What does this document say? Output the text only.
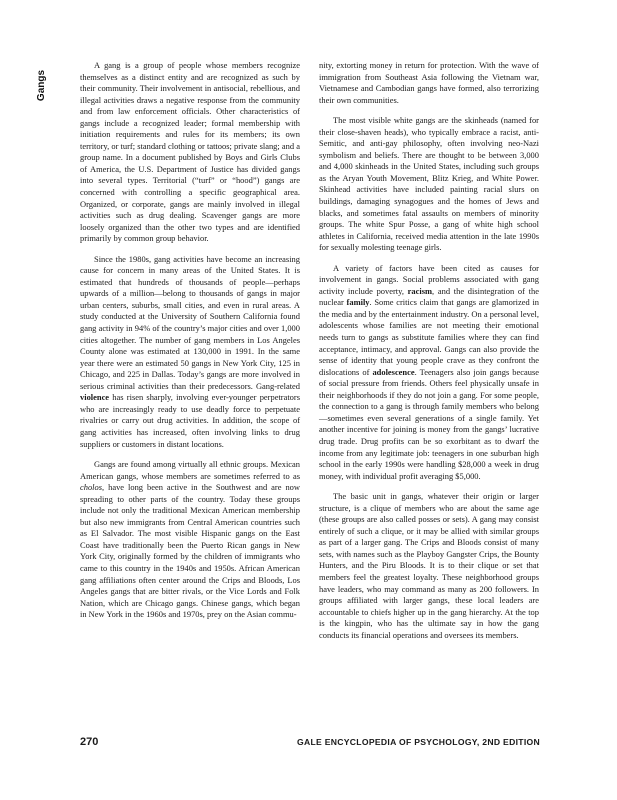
Gangs

A gang is a group of people whose members recognize themselves as a distinct entity and are recognized as such by their community. Their involvement in antisocial, rebellious, and illegal activities draws a negative response from the community and from law enforcement officials. Other characteristics of gangs include a recognized leader; formal membership with initiation requirements and rules for its members; its own territory, or turf; standard clothing or tattoos; private slang; and a group name. In a document published by Boys and Girls Clubs of America, the U.S. Department of Justice has divided gangs into several types. Territorial (“turf” or “hood”) gangs are concerned with controlling a specific geographical area. Organized, or corporate, gangs are mainly involved in illegal activities such as drug dealing. Scavenger gangs are more loosely organized than the other two types and are identified primarily by common group behavior.

Since the 1980s, gang activities have become an increasing cause for concern in many areas of the United States. It is estimated that hundreds of thousands of people—perhaps upwards of a million—belong to thousands of gangs in major urban centers, suburbs, small cities, and even in rural areas. A study conducted at the University of Southern California found gang activity in 94% of the country’s major cities and over 1,000 cities altogether. The number of gang members in Los Angeles County alone was estimated at 130,000 in 1991. In the same year there were an estimated 50 gangs in New York City, 125 in Chicago, and 225 in Dallas. Today’s gangs are more involved in serious criminal activities than their predecessors. Gang-related violence has risen sharply, involving ever-younger perpetrators who are increasingly ready to use deadly force to perpetuate rivalries or carry out drug activities. In addition, the scope of gang activities has increased, often involving links to drug suppliers or customers in distant locations.

Gangs are found among virtually all ethnic groups. Mexican American gangs, whose members are sometimes referred to as cholos, have long been active in the Southwest and are now spreading to other parts of the country. Today these groups include not only the traditional Mexican American membership but also new immigrants from Central American countries such as El Salvador. The most visible Hispanic gangs on the East Coast have traditionally been the Puerto Rican gangs in New York City, originally formed by the children of immigrants who came to this country in the 1940s and 1950s. African American gang affiliations often center around the Crips and Bloods, Los Angeles gangs that are bitter rivals, or the Vice Lords and Folk Nation, which are Chicago gangs. Chinese gangs, which began in New York in the 1960s and 1970s, prey on the Asian commu-

nity, extorting money in return for protection. With the wave of immigration from Southeast Asia following the Vietnam war, Vietnamese and Cambodian gangs have formed, also terrorizing their own communities.

The most visible white gangs are the skinheads (named for their close-shaven heads), who typically embrace a racist, anti-Semitic, and anti-gay philosophy, often involving neo-Nazi symbolism and beliefs. There are thought to be between 3,000 and 4,000 skinheads in the United States, including such groups as the Aryan Youth Movement, Blitz Krieg, and White Power. Skinhead activities have included painting racial slurs on buildings, damaging synagogues and the homes of Jews and blacks, and sometimes fatal assaults on members of minority groups. The white Spur Posse, a gang of white high school athletes in California, received media attention in the late 1990s for sexually molesting teenage girls.

A variety of factors have been cited as causes for involvement in gangs. Social problems associated with gang activity include poverty, racism, and the disintegration of the nuclear family. Some critics claim that gangs are glamorized in the media and by the entertainment industry. On a personal level, adolescents whose families are not meeting their emotional needs turn to gangs as substitute families where they can find acceptance, intimacy, and approval. Gangs can also provide the sense of identity that young people crave as they confront the dislocations of adolescence. Teenagers also join gangs because of social pressure from friends. Others feel physically unsafe in their neighborhoods if they do not join a gang. For some people, the connection to a gang is through family members who belong—sometimes even several generations of a single family. Yet another incentive for joining is money from the gangs’ lucrative drug trade. Drug profits can be so exorbitant as to dwarf the income from any legitimate job: teenagers in one suburban high school in the early 1990s were handling $28,000 a week in drug money, with individual profit averaging $5,000.

The basic unit in gangs, whatever their origin or larger structure, is a clique of members who are about the same age (these groups are also called posses or sets). A gang may consist entirely of such a clique, or it may be allied with similar groups as part of a larger gang. The Crips and Bloods consist of many sets, with names such as the Playboy Gangster Crips, the Bounty Hunters, and the Piru Bloods. It is to their clique or set that members feel the greatest loyalty. These neighborhood groups have leaders, who may command as many as 200 followers. In groups affiliated with larger gangs, these local leaders are accountable to chiefs higher up in the gang hierarchy. At the top is the kingpin, who has the ultimate say in how the gang conducts its financial operations and oversees its members.

270	GALE ENCYCLOPEDIA OF PSYCHOLOGY, 2ND EDITION
